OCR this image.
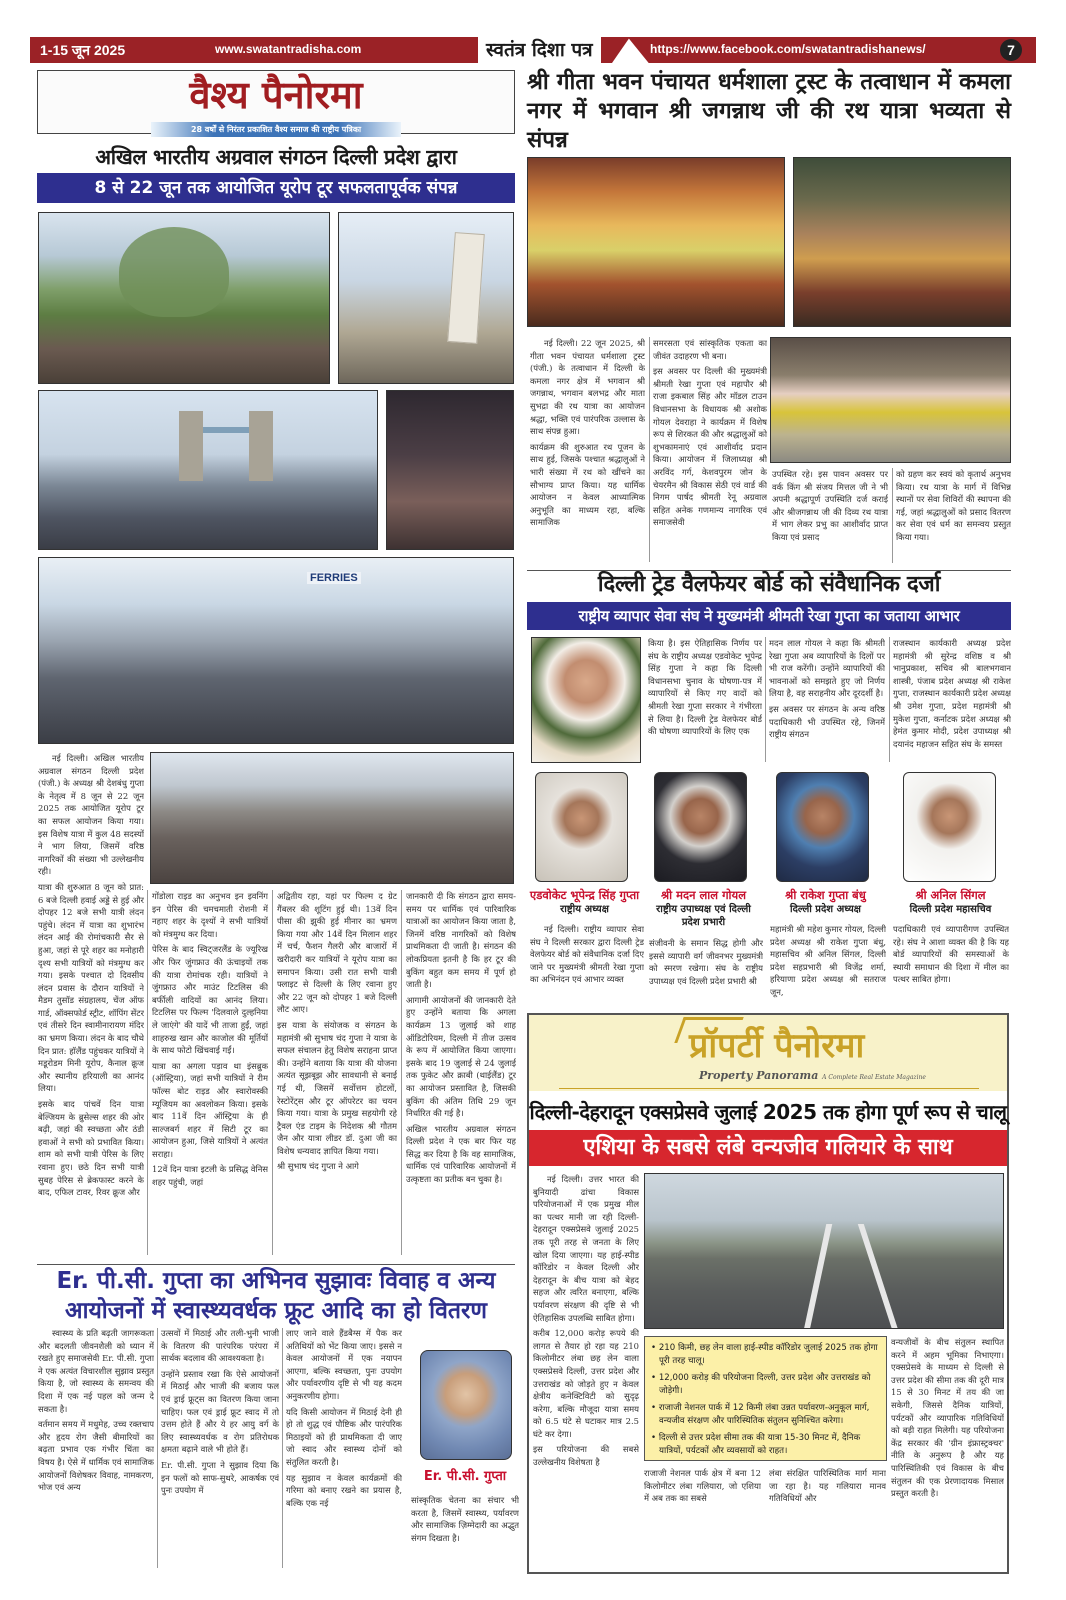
1-15 जून 2025	www.swatantradisha.com	स्वतंत्र दिशा पत्र	https://www.facebook.com/swatantradishanews/	7
वैश्य पैनोरमा
28 वर्षों से निरंतर प्रकाशित वैश्य समाज की राष्ट्रीय पत्रिका
अखिल भारतीय अग्रवाल संगठन दिल्ली प्रदेश द्वारा
8 से 22 जून तक आयोजित यूरोप टूर सफलतापूर्वक संपन्न
FERRIES

नई दिल्ली। अखिल भारतीय अग्रवाल संगठन दिल्ली प्रदेश (पंजी.) के अध्यक्ष श्री देशबंधु गुप्ता के नेतृत्व में 8 जून से 22 जून 2025 तक आयोजित यूरोप टूर का सफल आयोजन किया गया। इस विशेष यात्रा में कुल 48 सदस्यों ने भाग लिया, जिसमें वरिष्ठ नागरिकों की संख्या भी उल्लेखनीय रही।

यात्रा की शुरुआत 8 जून को प्रात: 6 बजे दिल्ली हवाई अड्डे से हुई और दोपहर 12 बजे सभी यात्री लंदन पहुंचे। लंदन में यात्रा का शुभारंभ लंदन आई की रोमांचकारी सैर से हुआ, जहां से पूरे शहर का मनोहारी दृश्य सभी यात्रियों को मंत्रमुग्ध कर गया। इसके पश्चात दो दिवसीय लंदन प्रवास के दौरान यात्रियों ने मैडम तुसॉड संग्रहालय, चेंज ऑफ गार्ड, ऑक्सफोर्ड स्ट्रीट, शॉपिंग सेंटर एवं तीसरे दिन स्वामीनारायण मंदिर का भ्रमण किया। लंदन के बाद चौथे दिन प्रात: हॉलैंड पहुंचकर यात्रियों ने मडूरोडम मिनी यूरोप, कैनाल क्रूज और स्थानीय हरियाली का आनंद लिया।

इसके बाद पांचवें दिन यात्रा बेल्जियम के ब्रुसेल्स शहर की ओर बढ़ी, जहां की स्वच्छता और ठंडी हवाओं ने सभी को प्रभावित किया। शाम को सभी यात्री पेरिस के लिए रवाना हुए। छठे दिन सभी यात्री सुबह पेरिस से ब्रेकफास्ट करने के बाद, एफिल टावर, रिवर क्रूज और

गोंडोला राइड का अनुभव इन इवनिंग इन पेरिस की चमचमाती रोशनी में नहाए शहर के दृश्यों ने सभी यात्रियों को मंत्रमुग्ध कर दिया।

पेरिस के बाद स्विट्जरलैंड के ज्यूरिख और फिर जुंगफ्राउ की ऊंचाइयों तक की यात्रा रोमांचक रही। यात्रियों ने जुंगफ्राउ और माउंट टिटलिस की बर्फीली वादियों का आनंद लिया। टिटलिस पर फिल्म 'दिलवाले दुल्हनिया ले जाएंगे' की यादें भी ताजा हुईं, जहां शाहरुख खान और काजोल की मूर्तियों के साथ फोटो खिंचवाई गईं।

यात्रा का अगला पड़ाव था इंसब्रुक (ऑस्ट्रिया), जहां सभी यात्रियों ने रीम फॉल्स बोट राइड और स्वारोवस्की म्यूजियम का अवलोकन किया। इसके बाद 11वें दिन ऑस्ट्रिया के ही साल्जबर्ग शहर में सिटी टूर का आयोजन हुआ, जिसे यात्रियों ने अत्यंत सराहा।

12वें दिन यात्रा इटली के प्रसिद्ध वेनिस शहर पहुंची, जहां

अद्वितीय रहा, यहां पर फिल्म द ग्रेट गैंबलर की शूटिंग हुई थी। 13वें दिन पीसा की झुकी हुई मीनार का भ्रमण किया गया और 14वें दिन मिलान शहर में चर्च, फैशन गैलरी और बाजारों में खरीदारी कर यात्रियों ने यूरोप यात्रा का समापन किया। उसी रात सभी यात्री फ्लाइट से दिल्ली के लिए रवाना हुए और 22 जून को दोपहर 1 बजे दिल्ली लौट आए।

इस यात्रा के संयोजक व संगठन के महामंत्री श्री सुभाष चंद गुप्ता ने यात्रा के सफल संचालन हेतु विशेष सराहना प्राप्त की। उन्होंने बताया कि यात्रा की योजना अत्यंत सूझबूझ और सावधानी से बनाई गई थी, जिसमें सर्वोत्तम होटलों, रेस्टोरेंट्स और टूर ऑपरेटर का चयन किया गया। यात्रा के प्रमुख सहयोगी रहे ट्रैवल एंड टाइम के निदेशक श्री गौतम जैन और यात्रा लीडर डॉ. दुआ जी का विशेष धन्यवाद ज्ञापित किया गया।

श्री सुभाष चंद गुप्ता ने आगे

जानकारी दी कि संगठन द्वारा समय-समय पर धार्मिक एवं पारिवारिक यात्राओं का आयोजन किया जाता है, जिनमें वरिष्ठ नागरिकों को विशेष प्राथमिकता दी जाती है। संगठन की लोकप्रियता इतनी है कि हर टूर की बुकिंग बहुत कम समय में पूर्ण हो जाती है।

आगामी आयोजनों की जानकारी देते हुए उन्होंने बताया कि अगला कार्यक्रम 13 जुलाई को शाह ऑडिटोरियम, दिल्ली में तीज उत्सव के रूप में आयोजित किया जाएगा। इसके बाद 19 जुलाई से 24 जुलाई तक फुकेट और क्राबी (थाईलैंड) टूर का आयोजन प्रस्तावित है, जिसकी बुकिंग की अंतिम तिथि 29 जून निर्धारित की गई है।

अखिल भारतीय अग्रवाल संगठन दिल्ली प्रदेश ने एक बार फिर यह सिद्ध कर दिया है कि वह सामाजिक, धार्मिक एवं पारिवारिक आयोजनों में उत्कृष्टता का प्रतीक बन चुका है।

Er. पी.सी. गुप्ता का अभिनव सुझावः विवाह व अन्य आयोजनों में स्वास्थ्यवर्धक फ्रूट आदि का हो वितरण

स्वास्थ्य के प्रति बढ़ती जागरूकता और बदलती जीवनशैली को ध्यान में रखते हुए समाजसेवी Er. पी.सी. गुप्ता ने एक अत्यंत विचारशील सुझाव प्रस्तुत किया है, जो स्वास्थ्य के समन्वय की दिशा में एक नई पहल को जन्म दे सकता है।

वर्तमान समय में मधुमेह, उच्च रक्तचाप और हृदय रोग जैसी बीमारियों का बढ़ता प्रभाव एक गंभीर चिंता का विषय है। ऐसे में धार्मिक एवं सामाजिक आयोजनों विशेषकर विवाह, नामकरण, भोज एवं अन्य

उत्सवों में मिठाई और तली-भुनी भाजी के वितरण की पारंपरिक परंपरा में सार्थक बदलाव की आवश्यकता है।

उन्होंने प्रस्ताव रखा कि ऐसे आयोजनों में मिठाई और भाजी की बजाय फल एवं ड्राई फ्रूट्स का वितरण किया जाना चाहिए। फल एवं ड्राई फ्रूट स्वाद में तो उत्तम होते हैं और ये हर आयु वर्ग के लिए स्वास्थ्यवर्धक व रोग प्रतिरोधक क्षमता बढ़ाने वाले भी होते हैं।

Er. पी.सी. गुप्ता ने सुझाव दिया कि इन फलों को साफ-सुथरे, आकर्षक एवं पुनः उपयोग में

लाए जाने वाले हैंडबैग्स में पैक कर अतिथियों को भेंट किया जाए। इससे न केवल आयोजनों में एक नयापन आएगा, बल्कि स्वच्छता, पुनः उपयोग और पर्यावरणीय दृष्टि से भी यह कदम अनुकरणीय होगा।

यदि किसी आयोजन में मिठाई देनी ही हो तो शुद्ध एवं पौष्टिक और पारंपरिक मिठाइयों को ही प्राथमिकता दी जाए जो स्वाद और स्वास्थ्य दोनों को संतुलित करती है।

यह सुझाव न केवल कार्यक्रमों की गरिमा को बनाए रखने का प्रयास है, बल्कि एक नई

Er. पी.सी. गुप्ता

सांस्कृतिक चेतना का संचार भी करता है, जिसमें स्वास्थ्य, पर्यावरण और सामाजिक ज़िम्मेदारी का अद्भुत संगम दिखता है।

श्री गीता भवन पंचायत धर्मशाला ट्रस्ट के तत्वाधान में कमला नगर में भगवान श्री जगन्नाथ जी की रथ यात्रा भव्यता से संपन्न

नई दिल्ली। 22 जून 2025, श्री गीता भवन पंचायत धर्मशाला ट्रस्ट (पंजी.) के तत्वाधान में दिल्ली के कमला नगर क्षेत्र में भगवान श्री जगन्नाथ, भगवान बलभद्र और माता सुभद्रा की रथ यात्रा का आयोजन श्रद्धा, भक्ति एवं पारंपरिक उल्लास के साथ संपन्न हुआ।

कार्यक्रम की शुरुआत रथ पूजन के साथ हुई, जिसके पश्चात श्रद्धालुओं ने भारी संख्या में रथ को खींचने का सौभाग्य प्राप्त किया। यह धार्मिक आयोजन न केवल आध्यात्मिक अनुभूति का माध्यम रहा, बल्कि सामाजिक

समरसता एवं सांस्कृतिक एकता का जीवंत उदाहरण भी बना।

इस अवसर पर दिल्ली की मुख्यमंत्री श्रीमती रेखा गुप्ता एवं महापौर श्री राजा इकबाल सिंह और मॉडल टाउन विधानसभा के विधायक श्री अशोक गोयल देवराहा ने कार्यक्रम में विशेष रूप से शिरकत की और श्रद्धालुओं को शुभकामनाएं एवं आशीर्वाद प्रदान किया। आयोजन में जिलाध्यक्ष श्री अरविंद गर्ग, केशवपुरम जोन के चेयरमैन श्री विकास सेठी एवं वार्ड की निगम पार्षद श्रीमती रेनू अग्रवाल सहित अनेक गणमान्य नागरिक एवं समाजसेवी

उपस्थित रहे। इस पावन अवसर पर वर्क किंग श्री संजय मित्तल जी ने भी अपनी श्रद्धापूर्ण उपस्थिति दर्ज कराई और श्रीजगन्नाथ जी की दिव्य रथ यात्रा में भाग लेकर प्रभु का आशीर्वाद प्राप्त किया एवं प्रसाद

को ग्रहण कर स्वयं को कृतार्थ अनुभव किया। रथ यात्रा के मार्ग में विभिन्न स्थानों पर सेवा शिविरों की स्थापना की गई, जहां श्रद्धालुओं को प्रसाद वितरण कर सेवा एवं धर्म का समन्वय प्रस्तुत किया गया।

दिल्ली ट्रेड वैलफेयर बोर्ड को संवैधानिक दर्जा
राष्ट्रीय व्यापार सेवा संघ ने मुख्यमंत्री श्रीमती रेखा गुप्ता का जताया आभार

किया है। इस ऐतिहासिक निर्णय पर संघ के राष्ट्रीय अध्यक्ष एडवोकेट भूपेन्द्र सिंह गुप्ता ने कहा कि दिल्ली विधानसभा चुनाव के घोषणा-पत्र में व्यापारियों से किए गए वादों को श्रीमती रेखा गुप्ता सरकार ने गंभीरता से लिया है। दिल्ली ट्रेड वेलफेयर बोर्ड की घोषणा व्यापारियों के लिए एक

मदन लाल गोयल ने कहा कि श्रीमती रेखा गुप्ता अब व्यापारियों के दिलों पर भी राज करेंगी। उन्होंने व्यापारियों की भावनाओं को समझते हुए जो निर्णय लिया है, वह सराहनीय और दूरदर्शी है।

इस अवसर पर संगठन के अन्य वरिष्ठ पदाधिकारी भी उपस्थित रहे, जिनमें राष्ट्रीय संगठन

राजस्थान कार्यकारी अध्यक्ष प्रदेश महामंत्री श्री सुरेन्द्र वशिष्ठ व श्री भानुप्रकाश, सचिव श्री बालभगवान शास्त्री, पंजाब प्रदेश अध्यक्ष श्री राकेश गुप्ता, राजस्थान कार्यकारी प्रदेश अध्यक्ष श्री उमेश गुप्ता, प्रदेश महामंत्री श्री मुकेश गुप्ता, कर्नाटक प्रदेश अध्यक्ष श्री हेमंत कुमार मोदी, प्रदेश उपाध्यक्ष श्री दयानंद महाजन सहित संघ के समस्त

एडवोकेट भूपेन्द्र सिंह गुप्ता
राष्ट्रीय अध्यक्ष
श्री मदन लाल गोयल
राष्ट्रीय उपाध्यक्ष एवं दिल्ली प्रदेश प्रभारी
श्री राकेश गुप्ता बंधु
दिल्ली प्रदेश अध्यक्ष
श्री अनिल सिंगल
दिल्ली प्रदेश महासचिव

नई दिल्ली। राष्ट्रीय व्यापार सेवा संघ ने दिल्ली सरकार द्वारा दिल्ली ट्रेड वेलफेयर बोर्ड को संवैधानिक दर्जा दिए जाने पर मुख्यमंत्री श्रीमती रेखा गुप्ता का अभिनंदन एवं आभार व्यक्त

संजीवनी के समान सिद्ध होगी और इससे व्यापारी वर्ग जीवनभर मुख्यमंत्री को स्मरण रखेगा। संघ के राष्ट्रीय उपाध्यक्ष एवं दिल्ली प्रदेश प्रभारी श्री

महामंत्री श्री महेश कुमार गोयल, दिल्ली प्रदेश अध्यक्ष श्री राकेश गुप्ता बंधु, महासचिव श्री अनिल सिंगल, दिल्ली प्रदेश सहप्रभारी श्री विजेंद्र शर्मा, हरियाणा प्रदेश अध्यक्ष श्री सतराज जून,

पदाधिकारी एवं व्यापारीगण उपस्थित रहे। संघ ने आशा व्यक्त की है कि यह बोर्ड व्यापारियों की समस्याओं के स्थायी समाधान की दिशा में मील का पत्थर साबित होगा।

प्रॉपर्टी पैनोरमा
Property Panorama A Complete Real Estate Magazine
दिल्ली-देहरादून एक्सप्रेसवे जुलाई 2025 तक होगा पूर्ण रूप से चालू
एशिया के सबसे लंबे वन्यजीव गलियारे के साथ

नई दिल्ली। उत्तर भारत की बुनियादी ढांचा विकास परियोजनाओं में एक प्रमुख मील का पत्थर मानी जा रही दिल्ली-देहरादून एक्सप्रेसवे जुलाई 2025 तक पूरी तरह से जनता के लिए खोल दिया जाएगा। यह हाई-स्पीड कॉरिडोर न केवल दिल्ली और देहरादून के बीच यात्रा को बेहद सहज और त्वरित बनाएगा, बल्कि पर्यावरण संरक्षण की दृष्टि से भी ऐतिहासिक उपलब्धि साबित होगा।

करीब 12,000 करोड़ रूपये की लागत से तैयार हो रहा यह 210 किलोमीटर लंबा छह लेन वाला एक्सप्रेसवे दिल्ली, उत्तर प्रदेश और उत्तराखंड को जोड़ते हुए न केवल क्षेत्रीय कनेक्टिविटी को सुदृढ़ करेगा, बल्कि मौजूदा यात्रा समय को 6.5 घंटे से घटाकर मात्र 2.5 घंटे कर देगा।

इस परियोजना की सबसे उल्लेखनीय विशेषता है

• 210 किमी, छह लेन वाला हाई-स्पीड कॉरिडोर जुलाई 2025 तक होगा पूरी तरह चालू।
• 12,000 करोड़ की परियोजना दिल्ली, उत्तर प्रदेश और उत्तराखंड को जोड़ेगी।
• राजाजी नेशनल पार्क में 12 किमी लंबा उन्नत पर्यावरण-अनुकूल मार्ग, वन्यजीव संरक्षण और पारिस्थितिक संतुलन सुनिश्चित करेगा।
• दिल्ली से उत्तर प्रदेश सीमा तक की यात्रा 15-30 मिनट में, दैनिक यात्रियों, पर्यटकों और व्यवसायों को राहत।

वन्यजीवों के बीच संतुलन स्थापित करने में अहम भूमिका निभाएगा। एक्सप्रेसवे के माध्यम से दिल्ली से उत्तर प्रदेश की सीमा तक की दूरी मात्र 15 से 30 मिनट में तय की जा सकेगी, जिससे दैनिक यात्रियों, पर्यटकों और व्यापारिक गतिविधियों को बड़ी राहत मिलेगी। यह परियोजना केंद्र सरकार की 'ग्रीन इंफ्रास्ट्रक्चर' नीति के अनुरूप है और यह पारिस्थितिकी एवं विकास के बीच संतुलन की एक प्रेरणादायक मिसाल प्रस्तुत करती है।

राजाजी नेशनल पार्क क्षेत्र में बना 12 किलोमीटर लंबा गलियारा, जो एशिया में अब तक का सबसे

लंबा संरक्षित पारिस्थितिक मार्ग माना जा रहा है। यह गलियारा मानव गतिविधियों और
